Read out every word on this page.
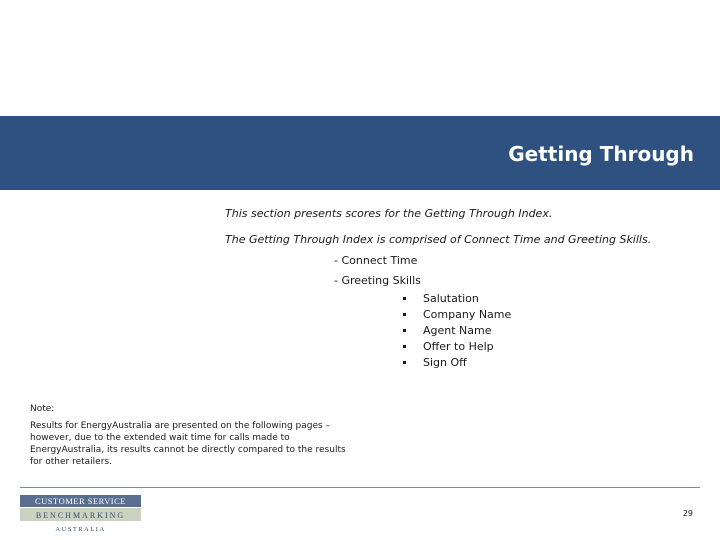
Getting Through
This section presents scores for the Getting Through Index.
The Getting Through Index is comprised of Connect Time and Greeting Skills.
- Connect Time
- Greeting Skills
Salutation
Company Name
Agent Name
Offer to Help
Sign Off
Note:
Results for EnergyAustralia are presented on the following pages – however, due to the extended wait time for calls made to EnergyAustralia, its results cannot be directly compared to the results for other retailers.
CUSTOMER SERVICE
BENCHMARKING
AUSTRALIA
29
